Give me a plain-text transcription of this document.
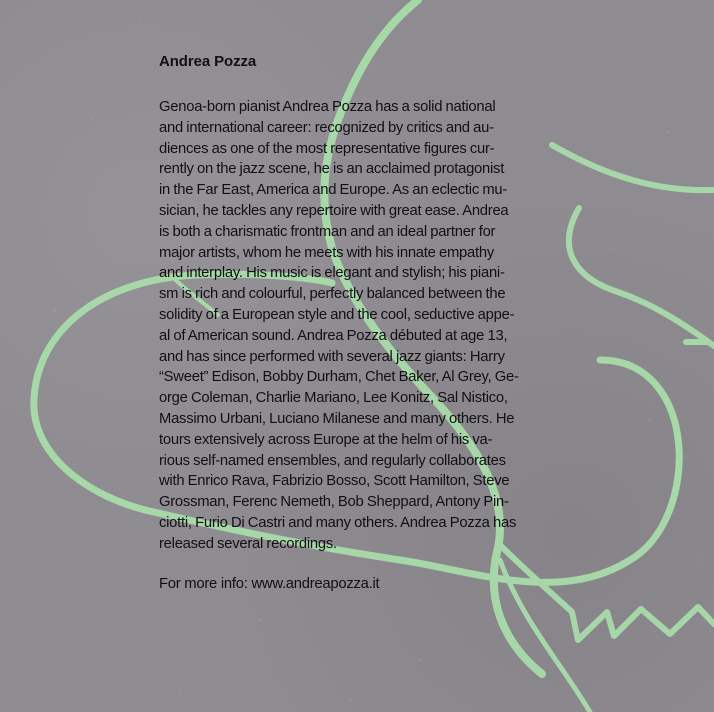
Andrea Pozza
Genoa-born pianist Andrea Pozza has a solid national
and international career: recognized by critics and au-
diences as one of the most representative figures cur-
rently on the jazz scene, he is an acclaimed protagonist
in the Far East, America and Europe. As an eclectic mu-
sician, he tackles any repertoire with great ease. Andrea
is both a charismatic frontman and an ideal partner for
major artists, whom he meets with his innate empathy
and interplay. His music is elegant and stylish; his piani-
sm is rich and colourful, perfectly balanced between the
solidity of a European style and the cool, seductive appe-
al of American sound. Andrea Pozza débuted at age 13,
and has since performed with several jazz giants: Harry
“Sweet” Edison, Bobby Durham, Chet Baker, Al Grey, Ge-
orge Coleman, Charlie Mariano, Lee Konitz, Sal Nistico,
Massimo Urbani, Luciano Milanese and many others. He
tours extensively across Europe at the helm of his va-
rious self-named ensembles, and regularly collaborates
with Enrico Rava, Fabrizio Bosso, Scott Hamilton, Steve
Grossman, Ferenc Nemeth, Bob Sheppard, Antony Pin-
ciotti, Furio Di Castri and many others. Andrea Pozza has
released several recordings.
For more info: www.andreapozza.it
